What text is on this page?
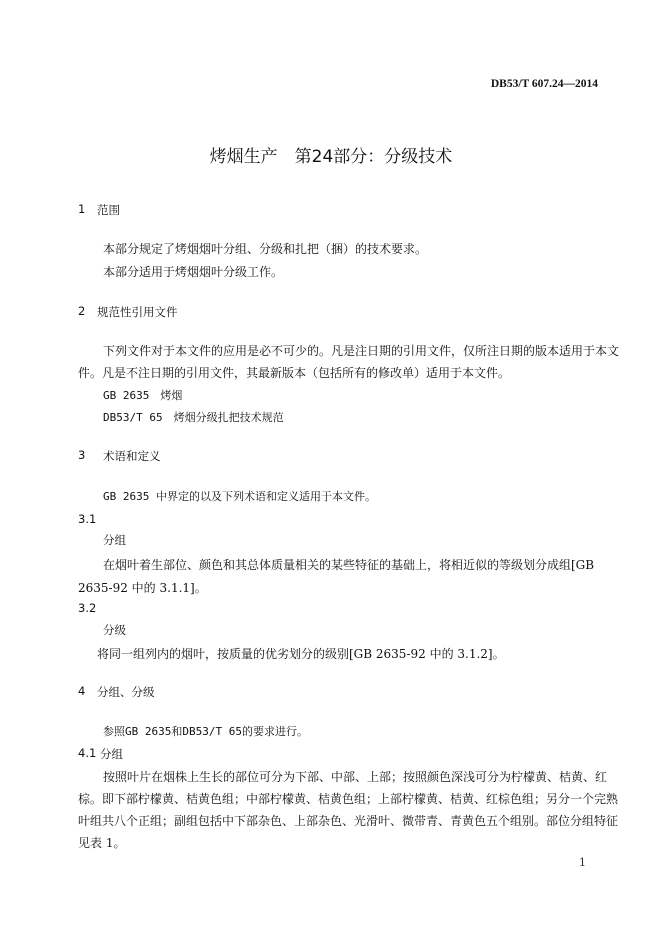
DB53/T 607.24—2014
烤烟生产　第24部分：分级技术
1 范围
本部分规定了烤烟烟叶分组、分级和扎把（捆）的技术要求。
本部分适用于烤烟烟叶分级工作。
2 规范性引用文件
下列文件对于本文件的应用是必不可少的。凡是注日期的引用文件，仅所注日期的版本适用于本文
件。凡是不注日期的引用文件，其最新版本（包括所有的修改单）适用于本文件。
GB 2635　烤烟
DB53/T 65　烤烟分级扎把技术规范
3 术语和定义
GB 2635 中界定的以及下列术语和定义适用于本文件。
3.1
分组
在烟叶着生部位、颜色和其总体质量相关的某些特征的基础上，将相近似的等级划分成组[GB
2635-92 中的 3.1.1]。
3.2
分级
将同一组列内的烟叶，按质量的优劣划分的级别[GB 2635-92 中的 3.1.2]。
4 分组、分级
参照GB 2635和DB53/T 65的要求进行。
4.1 分组
按照叶片在烟株上生长的部位可分为下部、中部、上部；按照颜色深浅可分为柠檬黄、桔黄、红
棕。即下部柠檬黄、桔黄色组；中部柠檬黄、桔黄色组；上部柠檬黄、桔黄、红棕色组；另分一个完熟
叶组共八个正组；副组包括中下部杂色、上部杂色、光滑叶、微带青、青黄色五个组别。部位分组特征
见表 1。
1
